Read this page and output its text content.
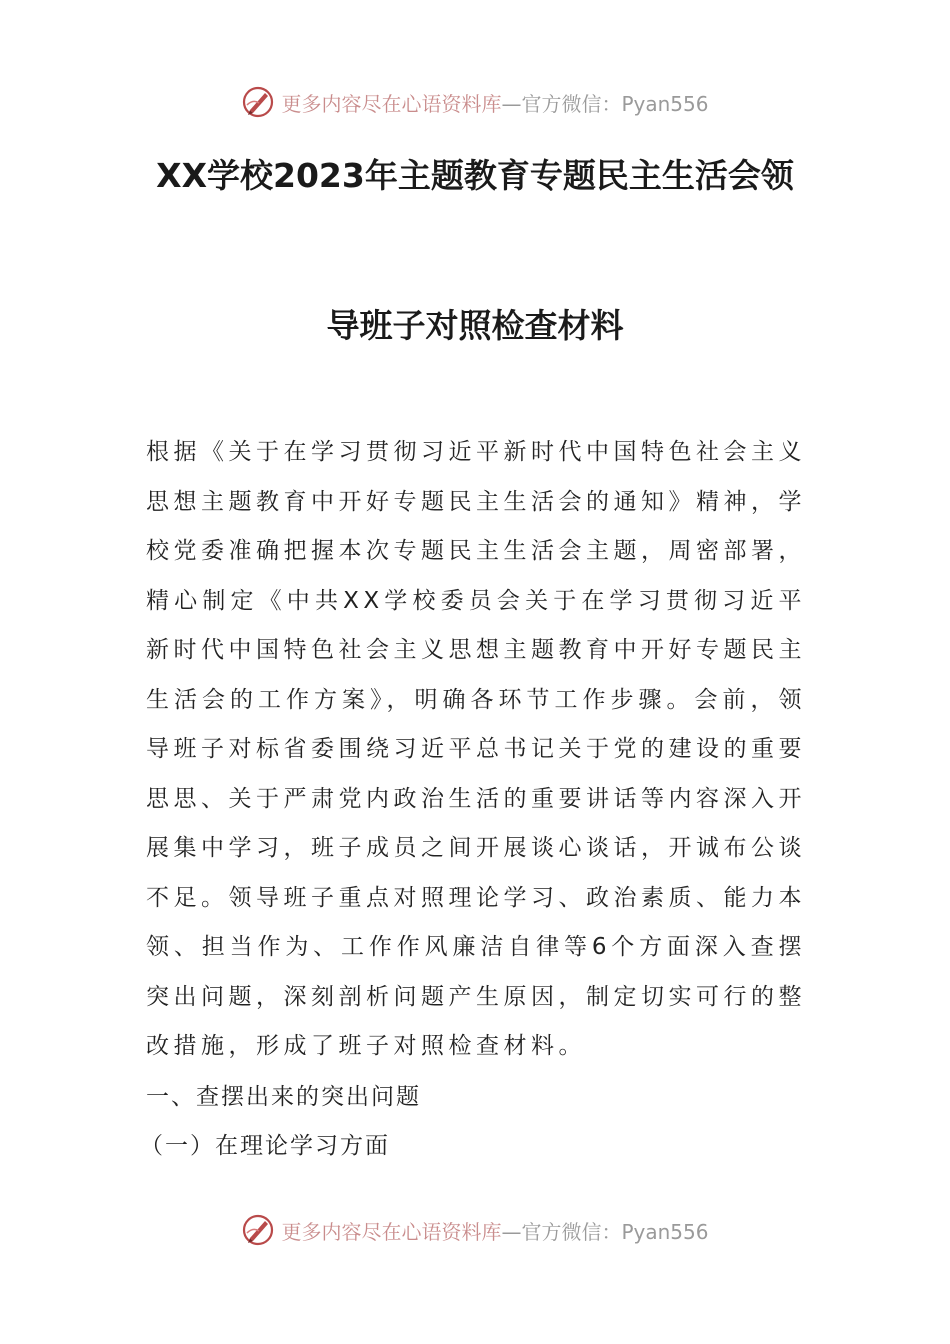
更多内容尽在心语资料库 —官方微信：Pyan556
XX学校2023年主题教育专题民主生活会领
导班子对照检查材料
根据《关于在学习贯彻习近平新时代中国特色社会主义思想主题教育中开好专题民主生活会的通知》精神，学校党委准确把握本次专题民主生活会主题，周密部署，精心制定《中共XX学校委员会关于在学习贯彻习近平新时代中国特色社会主义思想主题教育中开好专题民主生活会的工作方案》，明确各环节工作步骤。会前，领导班子对标省委围绕习近平总书记关于党的建设的重要思思、关于严肃党内政治生活的重要讲话等内容深入开展集中学习，班子成员之间开展谈心谈话，开诚布公谈不足。领导班子重点对照理论学习、政治素质、能力本领、担当作为、工作作风廉洁自律等6个方面深入查摆突出问题，深刻剖析问题产生原因，制定切实可行的整改措施，形成了班子对照检查材料。
一、查摆出来的突出问题
（一）在理论学习方面
更多内容尽在心语资料库 —官方微信：Pyan556
